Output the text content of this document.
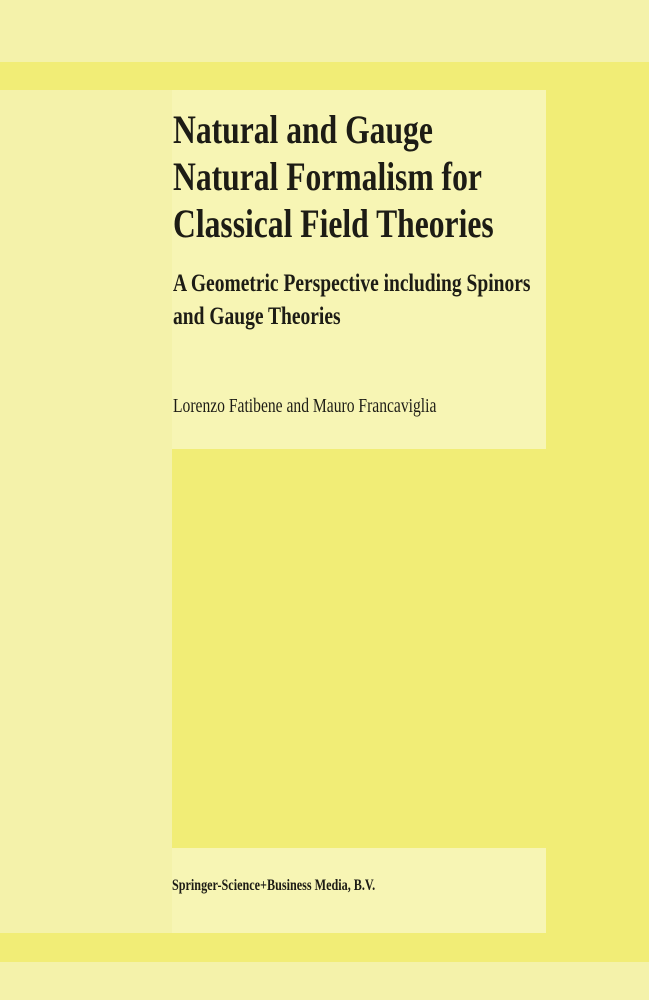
Natural and Gauge
Natural Formalism for
Classical Field Theories
A Geometric Perspective including Spinors
and Gauge Theories
Lorenzo Fatibene and Mauro Francaviglia
Springer-Science+Business Media, B.V.
